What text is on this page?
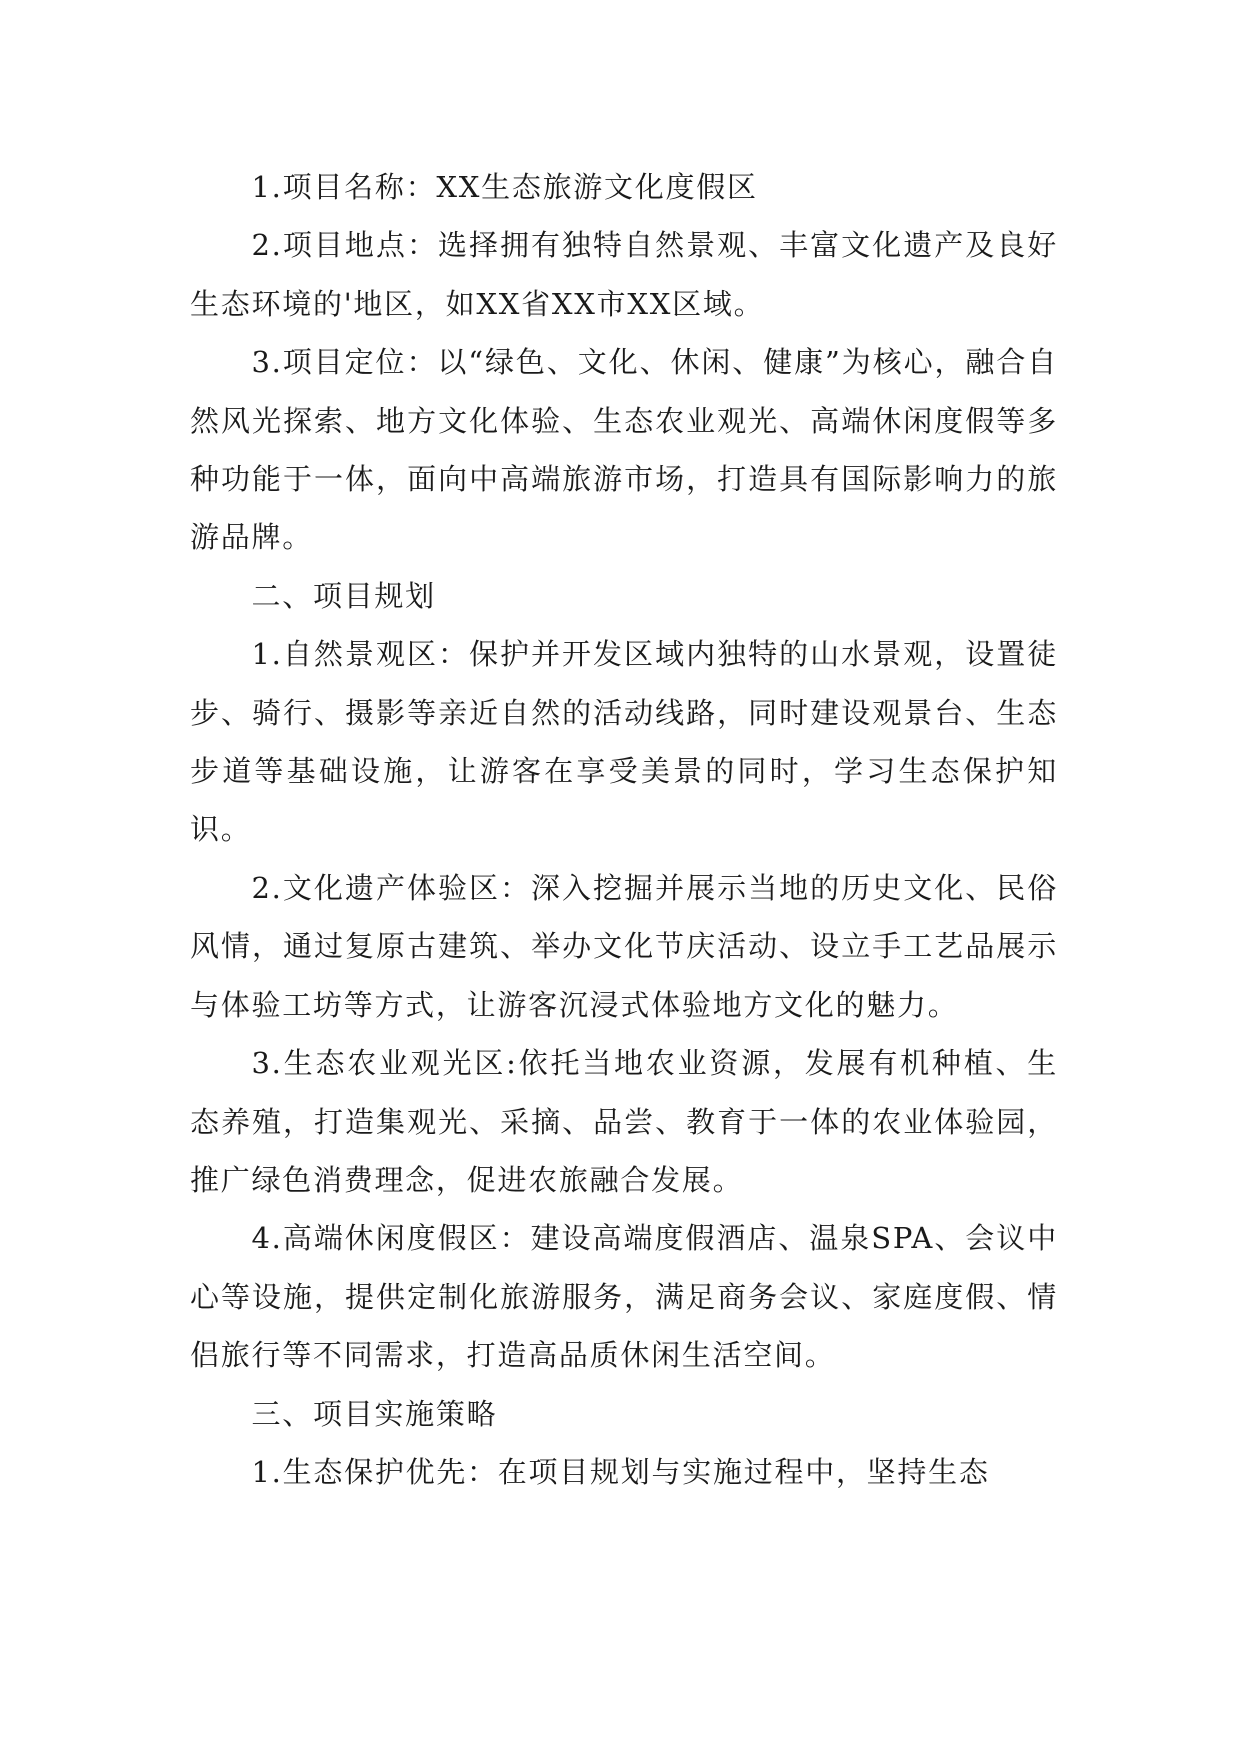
1.项目名称：XX生态旅游文化度假区

2.项目地点：选择拥有独特自然景观、丰富文化遗产及良好生态环境的'地区，如XX省XX市XX区域。

3.项目定位：以“绿色、文化、休闲、健康”为核心，融合自然风光探索、地方文化体验、生态农业观光、高端休闲度假等多种功能于一体，面向中高端旅游市场，打造具有国际影响力的旅游品牌。

二、项目规划

1.自然景观区：保护并开发区域内独特的山水景观，设置徒步、骑行、摄影等亲近自然的活动线路，同时建设观景台、生态步道等基础设施，让游客在享受美景的同时，学习生态保护知识。

2.文化遗产体验区：深入挖掘并展示当地的历史文化、民俗风情，通过复原古建筑、举办文化节庆活动、设立手工艺品展示与体验工坊等方式，让游客沉浸式体验地方文化的魅力。

3.生态农业观光区:依托当地农业资源，发展有机种植、生态养殖，打造集观光、采摘、品尝、教育于一体的农业体验园，推广绿色消费理念，促进农旅融合发展。

4.高端休闲度假区：建设高端度假酒店、温泉SPA、会议中心等设施，提供定制化旅游服务，满足商务会议、家庭度假、情侣旅行等不同需求，打造高品质休闲生活空间。

三、项目实施策略

1.生态保护优先：在项目规划与实施过程中，坚持生态
